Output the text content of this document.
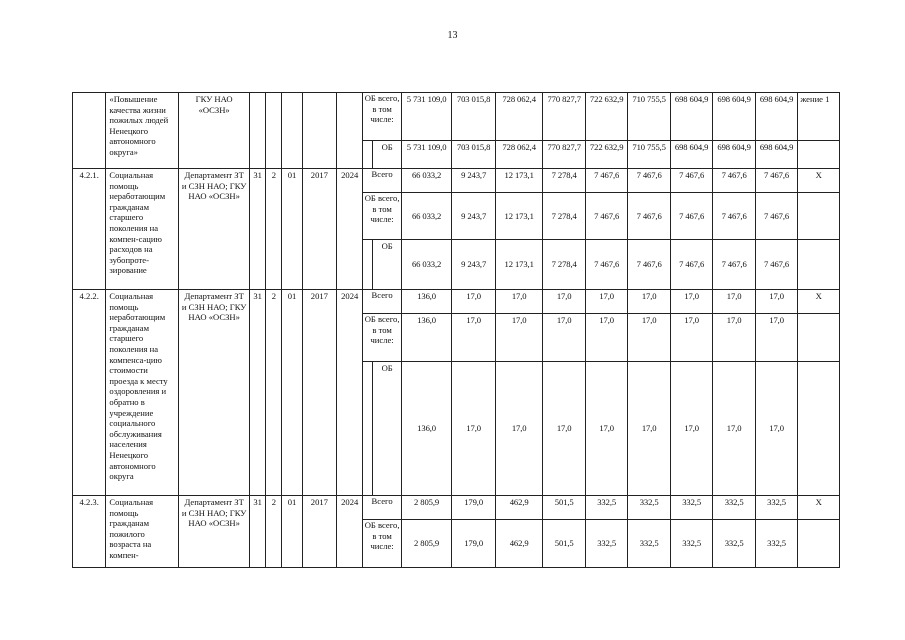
13
	«Повышение качества жизни пожилых людей Ненецкого автономного округа»	ГКУ НАО «ОСЗН»						ОБ всего, в том числе:		5 731 109,0	703 015,8	728 062,4	770 827,7	722 632,9	710 755,5	698 604,9	698 604,9	698 604,9	жение 1
									ОБ	5 731 109,0	703 015,8	728 062,4	770 827,7	722 632,9	710 755,5	698 604,9	698 604,9	698 604,9	
4.2.1.	Социальная помощь неработающим гражданам старшего поколения на компен-сацию расходов на зубопроте-зирование	Департамент ЗТ и СЗН НАО; ГКУ НАО «ОСЗН»	31	2	01	2017	2024	Всего		66 033,2	9 243,7	12 173,1	7 278,4	7 467,6	7 467,6	7 467,6	7 467,6	7 467,6	X
								ОБ всего, в том числе:		66 033,2	9 243,7	12 173,1	7 278,4	7 467,6	7 467,6	7 467,6	7 467,6	7 467,6	
									ОБ	66 033,2	9 243,7	12 173,1	7 278,4	7 467,6	7 467,6	7 467,6	7 467,6	7 467,6	
4.2.2.	Социальная помощь неработающим гражданам старшего поколения на компенса-цию стоимости проезда к месту оздоровления и обратно в учреждение социального обслуживания населения Ненецкого автономного округа	Департамент ЗТ и СЗН НАО; ГКУ НАО «ОСЗН»	31	2	01	2017	2024	Всего		136,0	17,0	17,0	17,0	17,0	17,0	17,0	17,0	17,0	X
								ОБ всего, в том числе:		136,0	17,0	17,0	17,0	17,0	17,0	17,0	17,0	17,0	
									ОБ	136,0	17,0	17,0	17,0	17,0	17,0	17,0	17,0	17,0	
4.2.3.	Социальная помощь гражданам пожилого возраста на компен-	Департамент ЗТ и СЗН НАО; ГКУ НАО «ОСЗН»	31	2	01	2017	2024	Всего		2 805,9	179,0	462,9	501,5	332,5	332,5	332,5	332,5	332,5	X
								ОБ всего, в том числе:		2 805,9	179,0	462,9	501,5	332,5	332,5	332,5	332,5	332,5	
